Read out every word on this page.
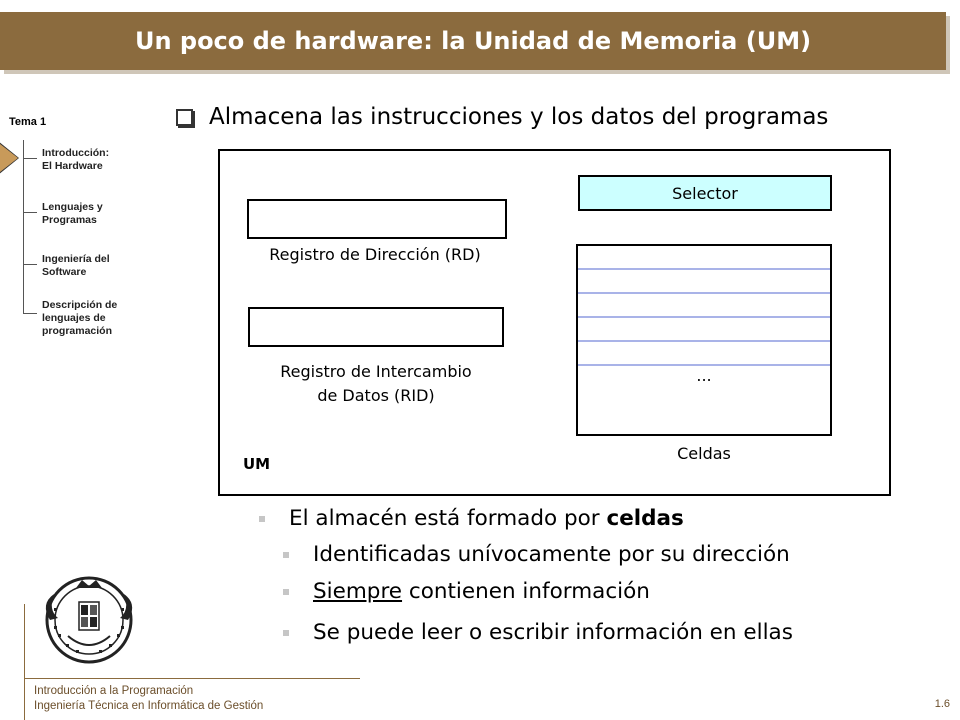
Un poco de hardware: la Unidad de Memoria (UM)
Tema 1
Introducción:
El Hardware
Lenguajes y
Programas
Ingeniería del
Software
Descripción de
lenguajes de
programación
Almacena las instrucciones y los datos del programas
Registro de Dirección (RD)
Registro de Intercambio
de Datos (RID)
Selector
...
Celdas
UM
El almacén está formado por celdas
Identificadas unívocamente por su dirección
Siempre contienen información
Se puede leer o escribir información en ellas
Introducción a la Programación
Ingeniería Técnica en Informática de Gestión	1.6
